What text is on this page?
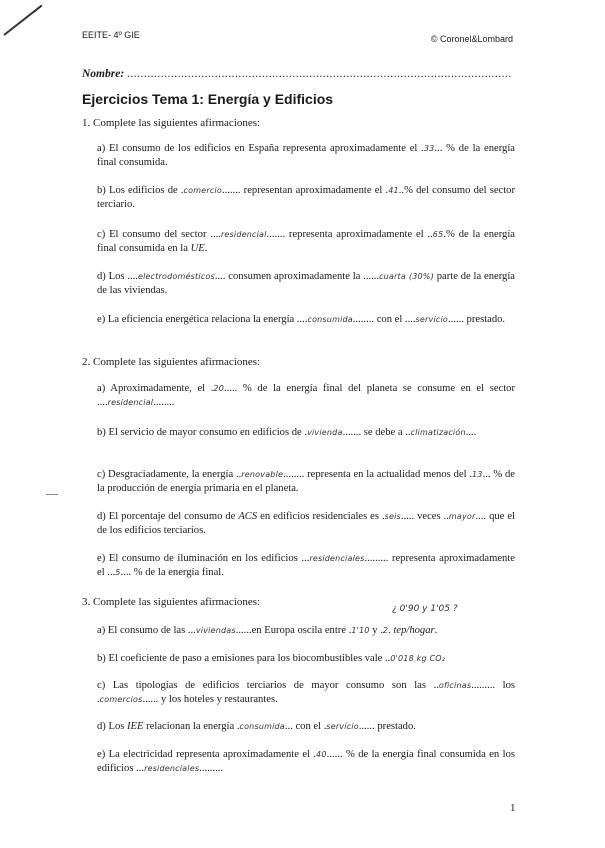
EEITE- 4º GIE	© Coronel&Lombard
Nombre: ..................................................................................................................
Ejercicios Tema 1: Energía y Edificios
1. Complete las siguientes afirmaciones:
a) El consumo de los edificios en España representa aproximadamente el .33... % de la energía final consumida.
b) Los edificios de .comercio....... representan aproximadamente el .41..% del consumo del sector terciario.
c) El consumo del sector ....residencial....... representa aproximadamente el ..65.% de la energía final consumida en la UE.
d) Los ....electrodomésticos.... consumen aproximadamente la ......cuarta (30%) parte de la energía de las viviendas.
e) La eficiencia energética relaciona la energía ....consumida........ con el ....servicio...... prestado.
2. Complete las siguientes afirmaciones:
a) Aproximadamente, el .20..... % de la energía final del planeta se consume en el sector ....residencial........
b) El servicio de mayor consumo en edificios de .vivienda....... se debe a ..climatización....
c) Desgraciadamente, la energía ..renovable........ representa en la actualidad menos del .13... % de la producción de energía primaria en el planeta.
d) El porcentaje del consumo de ACS en edificios residenciales es .seis..... veces ..mayor.... que el de los edificios terciarios.
e) El consumo de iluminación en los edificios ...residenciales......... representa aproximadamente el ...5.... % de la energía final.
3. Complete las siguientes afirmaciones:
¿ 0'90 y 1'05 ?
a) El consumo de las ...viviendas......en Europa oscila entre .1'10 y .2. tep/hogar.
b) El coeficiente de paso a emisiones para los biocombustibles vale ..0'018 kg CO₂
c) Las tipologías de edificios terciarios de mayor consumo son las ..oficinas......... los .comercios...... y los hoteles y restaurantes.
d) Los IEE relacionan la energía .consumida... con el .servicio...... prestado.
e) La electricidad representa aproximadamente el .40...... % de la energía final consumida en los edificios ...residenciales.........
1
